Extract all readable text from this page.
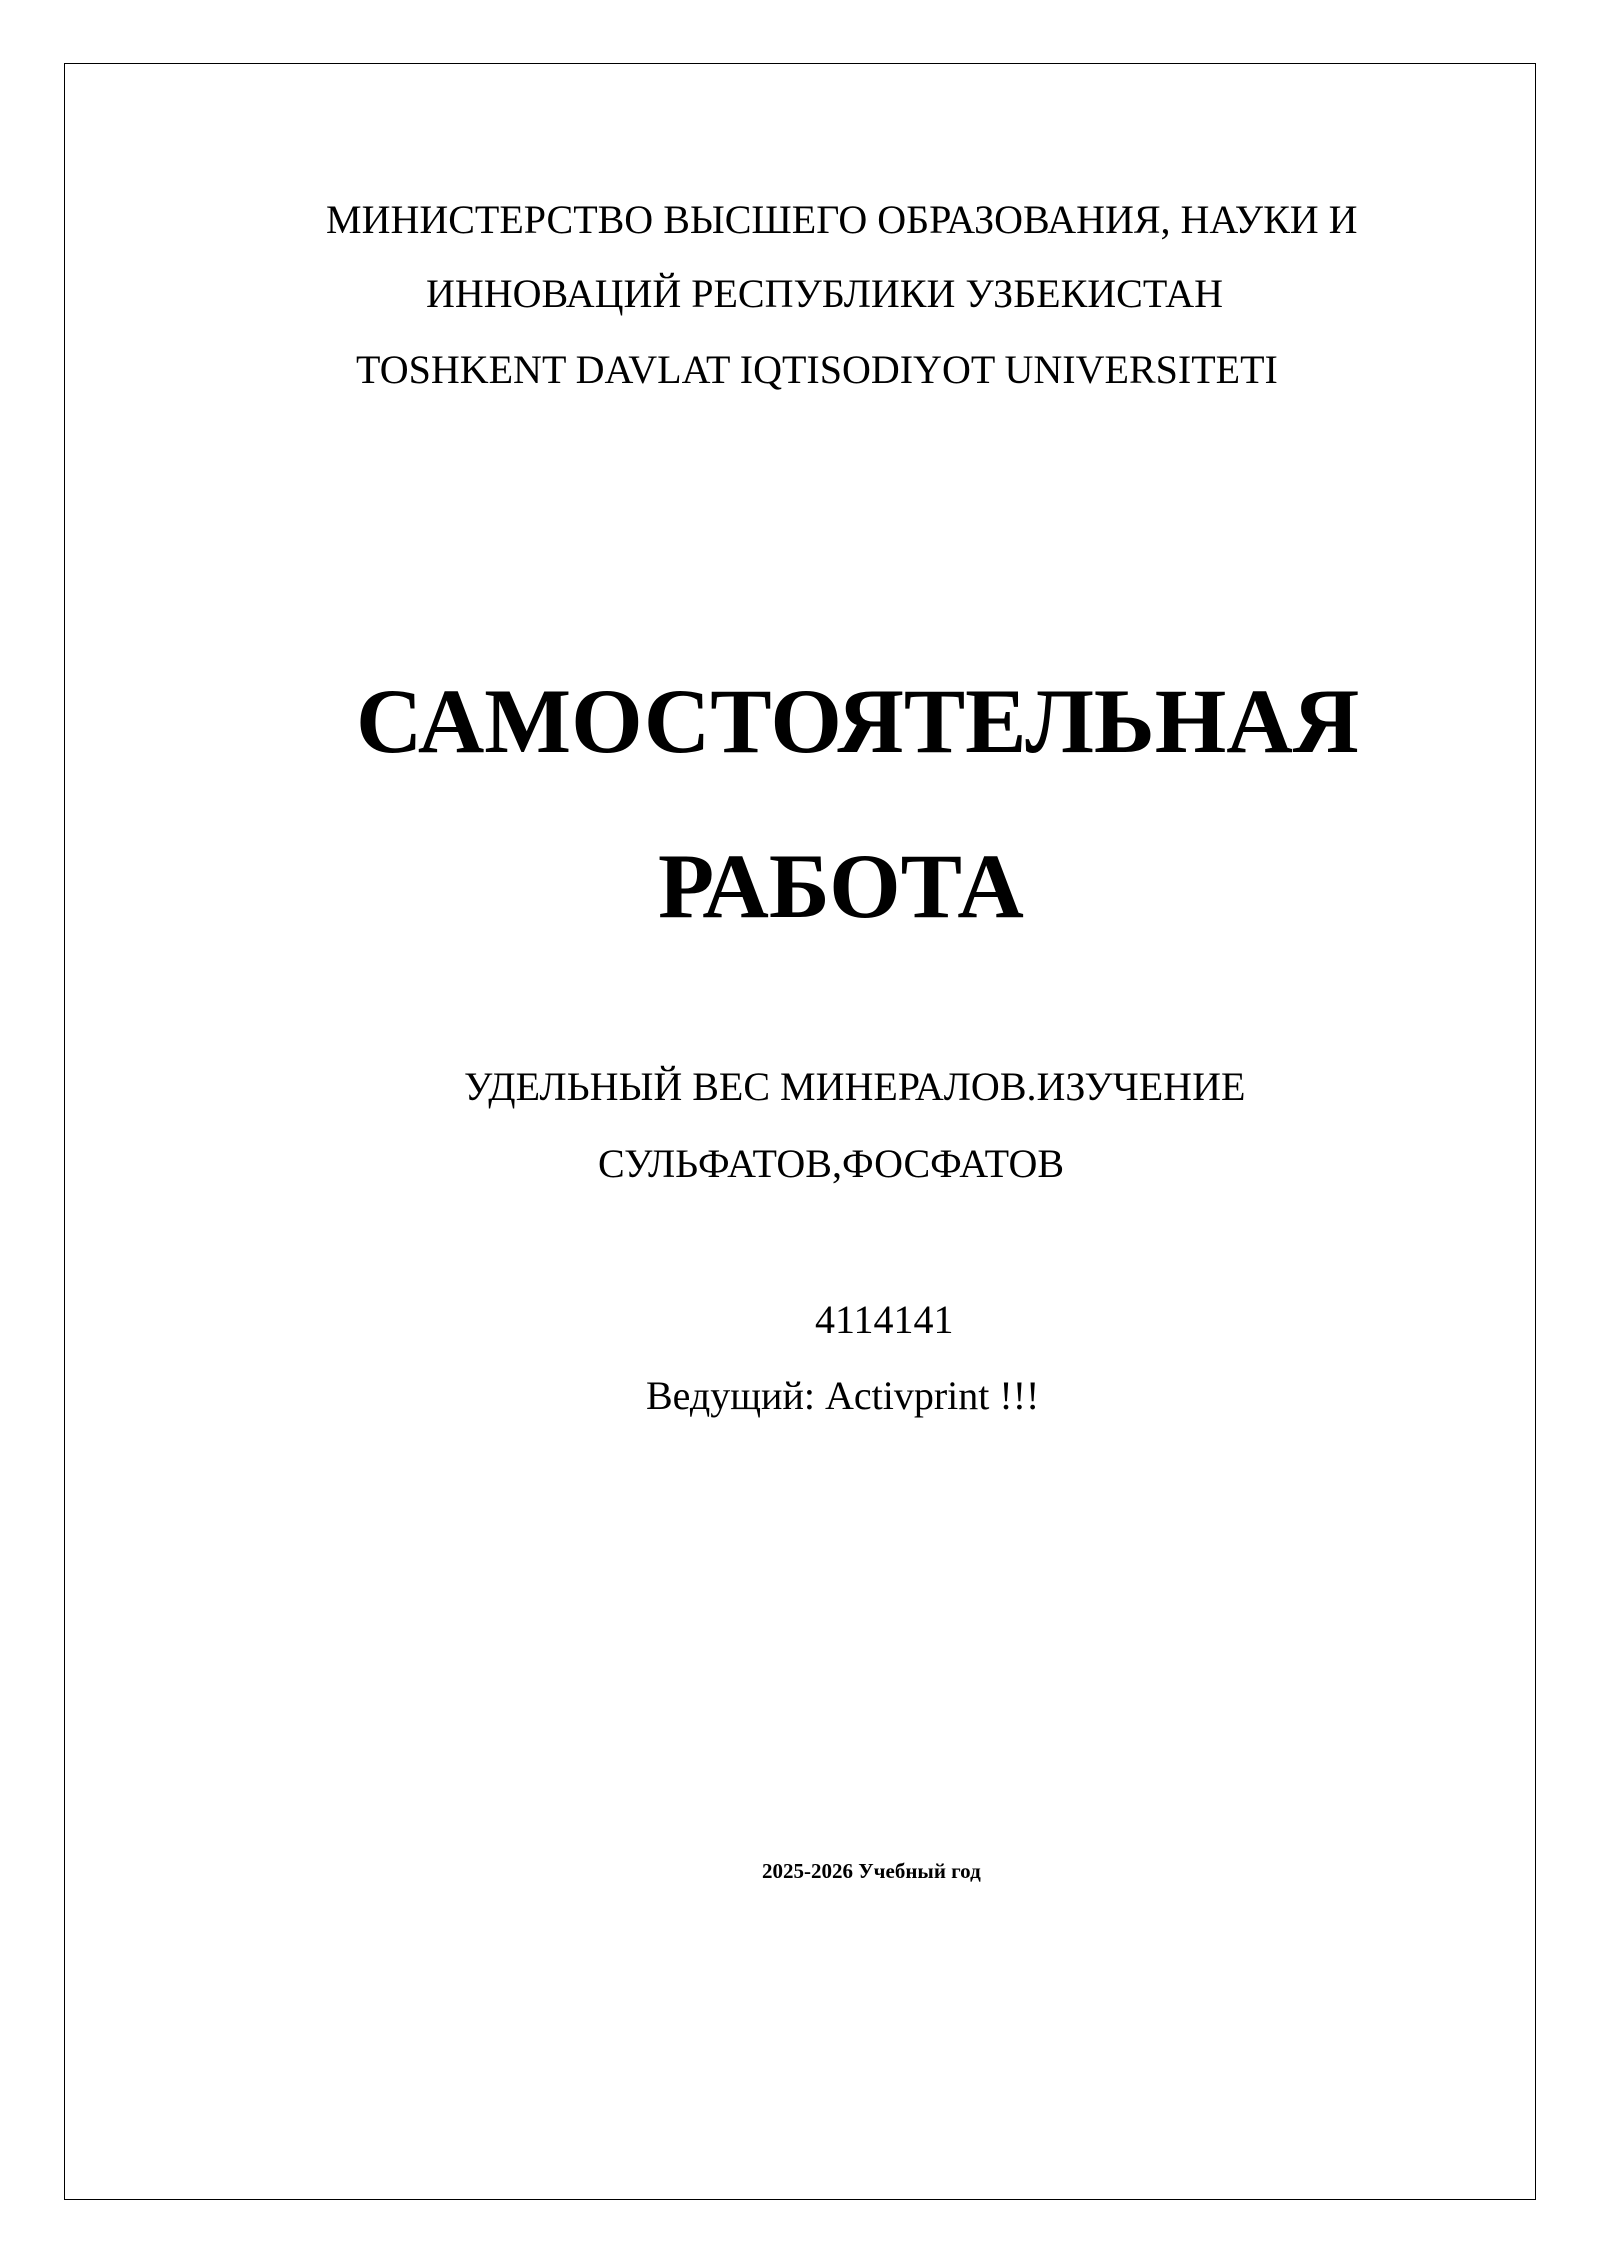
МИНИСТЕРСТВО ВЫСШЕГО ОБРАЗОВАНИЯ, НАУКИ И
ИННОВАЦИЙ РЕСПУБЛИКИ УЗБЕКИСТАН
TOSHKENT DAVLAT IQTISODIYOT UNIVERSITETI
САМОСТОЯТЕЛЬНАЯ
РАБОТА
УДЕЛЬНЫЙ ВЕС МИНЕРАЛОВ.ИЗУЧЕНИЕ
СУЛЬФАТОВ,ФОСФАТОВ
4114141
Ведущий: Activprint !!!
2025-2026 Учебный год
